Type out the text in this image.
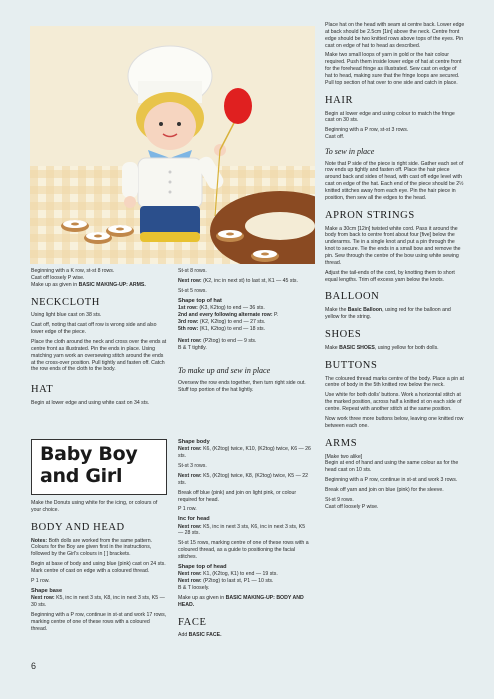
Beginning with a K row, st-st 8 rows.
Cast off loosely P wise.
Make up as given in BASIC MAKING-UP: ARMS.

NECKCLOTH

Using light blue cast on 38 sts.

Cast off, noting that cast off row is wrong side and also lower edge of the piece.

Place the cloth around the neck and cross over the ends at centre front as illustrated. Pin the ends in place. Using matching yarn work an oversewing stitch around the ends at the cross-over position. Pull tightly and fasten off. Catch the row ends of the cloth to the body.

HAT

Begin at lower edge and using white cast on 34 sts.

Baby Boy
and Girl

Make the Donuts using white for the icing, or colours of your choice.

BODY AND HEAD

Notes: Both dolls are worked from the same pattern. Colours for the Boy are given first in the instructions, followed by the Girl's colours in [ ] brackets.

Begin at base of body and using blue (pink) cast on 24 sts. Mark centre of cast on edge with a coloured thread.

P 1 row.

Shape base

Next row: K5, inc in next 3 sts, K8, inc in next 3 sts, K5 — 30 sts.

Beginning with a P row, continue in st-st and work 17 rows, marking centre of one of these rows with a coloured thread.

St-st 8 rows.

Next row: (K2, inc in next st) to last st, K1 — 45 sts.

St-st 5 rows.

Shape top of hat

1st row: (K3, K2tog) to end — 36 sts.

2nd and every following alternate row: P.

3rd row: (K2, K2tog) to end — 27 sts.

5th row: (K1, K2tog) to end — 18 sts.

Next row: (P2tog) to end — 9 sts.

B & T tightly.

To make up and sew in place

Oversew the row ends together, then turn right side out. Stuff top portion of the hat lightly.

Shape body

Next row: K6, (K2tog) twice, K10, (K2tog) twice, K6 — 26 sts.

St-st 3 rows.

Next row: K5, (K2tog) twice, K8, (K2tog) twice, K5 — 22 sts.

Break off blue (pink) and join on light pink, or colour required for head.

P 1 row.

Inc for head

Next row: K5, inc in next 3 sts, K6, inc in next 3 sts, K5 — 28 sts.

St-st 15 rows, marking centre of one of these rows with a coloured thread, as a guide to positioning the facial stitches.

Shape top of head

Next row: K1, (K2tog, K1) to end — 19 sts.

Next row: (P2tog) to last st, P1 — 10 sts.

B & T loosely.

Make up as given in BASIC MAKING-UP: BODY AND HEAD.

FACE

Add BASIC FACE.

Place hat on the head with seam at centre back. Lower edge at back should be 2.5cm [1in] above the neck. Centre front edge should be two knitted rows above tops of the eyes. Pin cast on edge of hat to head as described.

Make two small loops of yarn in gold or the hair colour required. Push them inside lower edge of hat at centre front for the forehead fringe as illustrated. Sew cast on edge of hat to head, making sure that the fringe loops are secured. Pull top section of hat over to one side and catch in place.

HAIR

Begin at lower edge and using colour to match the fringe cast on 30 sts.

Beginning with a P row, st-st 3 rows.

Cast off.

To sew in place

Note that P side of the piece is right side. Gather each set of row ends up tightly and fasten off. Place the hair piece around back and sides of head, with cast off edge level with cast on edge of the hat. Each end of the piece should be 2½ knitted stitches away from each eye. Pin the hair piece in position, then sew all the edges to the head.

APRON STRINGS

Make a 30cm [12in] twisted white cord. Pass it around the body from back to centre front about four [five] below the underarms. Tie in a single knot and put a pin through the knot to secure. Tie the ends in a small bow and remove the pin. Sew through the centre of the bow using white sewing thread.

Adjust the tail-ends of the cord, by knotting them to short equal lengths. Trim off excess yarn below the knots.

BALLOON

Make the Basic Balloon, using red for the balloon and yellow for the string.

SHOES

Make BASIC SHOES, using yellow for both dolls.

BUTTONS

The coloured thread marks centre of the body. Place a pin at centre of body in the 5th knitted row below the neck.

Use white for both dolls' buttons. Work a horizontal stitch at the marked position, across half a knitted st on each side of centre. Repeat with another stitch at the same position.

Now work three more buttons below, leaving one knitted row between each one.

ARMS

[Make two alike]

Begin at end of hand and using the same colour as for the head cast on 10 sts.

Beginning with a P row, continue in st-st and work 3 rows.

Break off yarn and join on blue (pink) for the sleeve.

St-st 9 rows.

Cast off loosely P wise.

6
